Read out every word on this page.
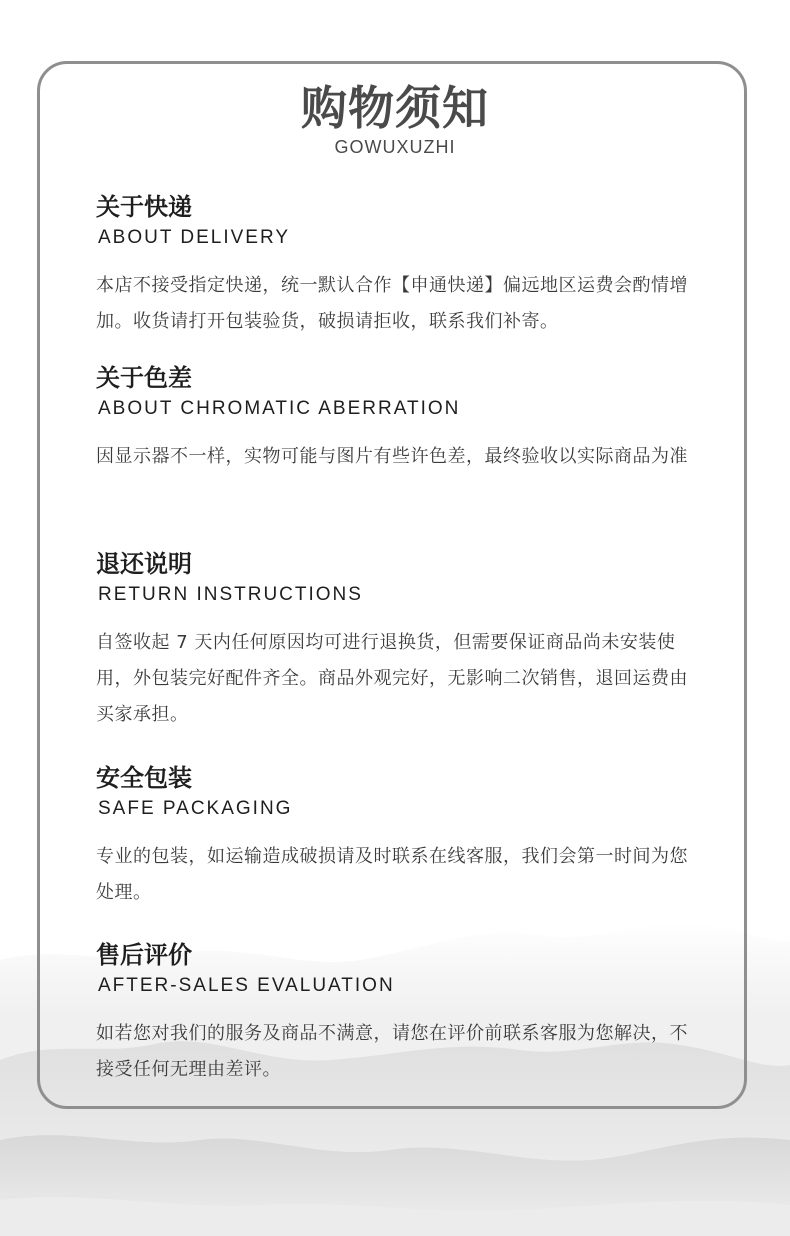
购物须知
GOWUXUZHI
关于快递
ABOUT DELIVERY
本店不接受指定快递，统一默认合作【申通快递】偏远地区运费会酌情增加。收货请打开包装验货，破损请拒收，联系我们补寄。
关于色差
ABOUT CHROMATIC ABERRATION
因显示器不一样，实物可能与图片有些许色差，最终验收以实际商品为准
退还说明
RETURN INSTRUCTIONS
自签收起 7 天内任何原因均可进行退换货，但需要保证商品尚未安装使用，外包装完好配件齐全。商品外观完好，无影响二次销售，退回运费由买家承担。
安全包装
SAFE PACKAGING
专业的包装，如运输造成破损请及时联系在线客服，我们会第一时间为您处理。
售后评价
AFTER-SALES EVALUATION
如若您对我们的服务及商品不满意，请您在评价前联系客服为您解决，不接受任何无理由差评。
